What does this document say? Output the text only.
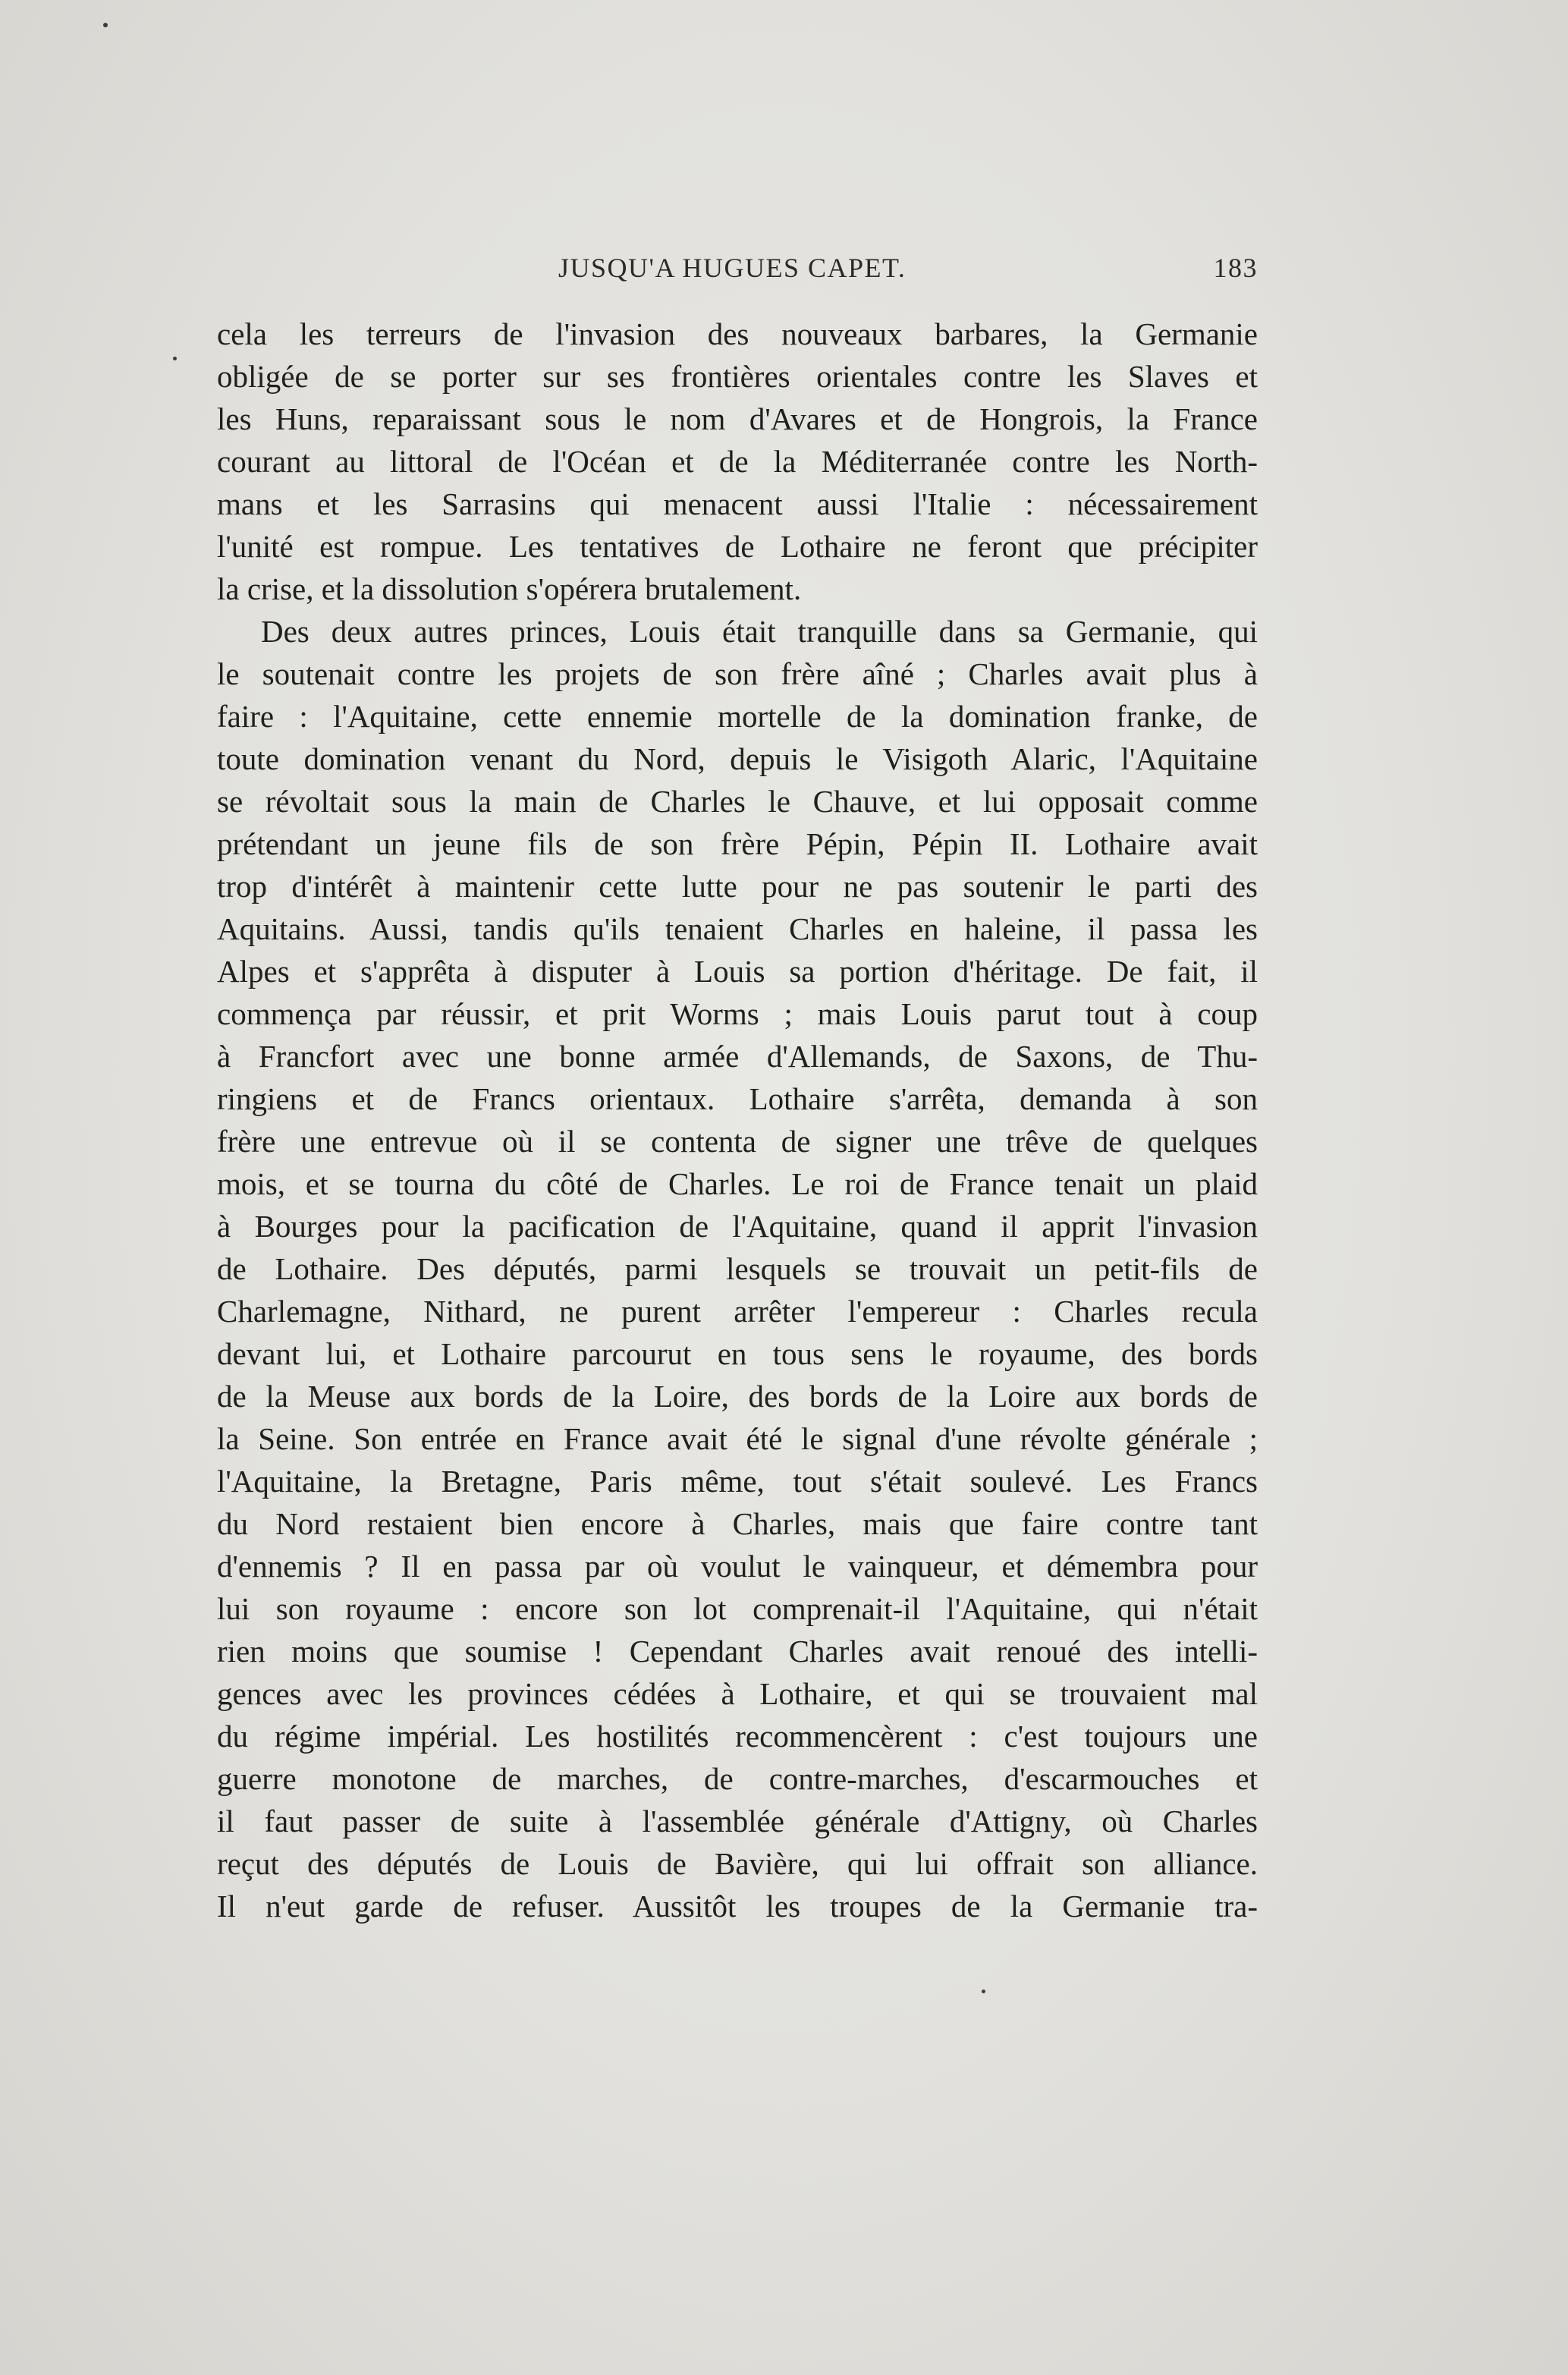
JUSQU'A HUGUES CAPET.	183
cela les terreurs de l'invasion des nouveaux barbares, la Germanie
obligée de se porter sur ses frontières orientales contre les Slaves et
les Huns, reparaissant sous le nom d'Avares et de Hongrois, la France
courant au littoral de l'Océan et de la Méditerranée contre les North-
mans et les Sarrasins qui menacent aussi l'Italie : nécessairement
l'unité est rompue. Les tentatives de Lothaire ne feront que précipiter
la crise, et la dissolution s'opérera brutalement.
Des deux autres princes, Louis était tranquille dans sa Germanie, qui
le soutenait contre les projets de son frère aîné ; Charles avait plus à
faire : l'Aquitaine, cette ennemie mortelle de la domination franke, de
toute domination venant du Nord, depuis le Visigoth Alaric, l'Aquitaine
se révoltait sous la main de Charles le Chauve, et lui opposait comme
prétendant un jeune fils de son frère Pépin, Pépin II. Lothaire avait
trop d'intérêt à maintenir cette lutte pour ne pas soutenir le parti des
Aquitains. Aussi, tandis qu'ils tenaient Charles en haleine, il passa les
Alpes et s'apprêta à disputer à Louis sa portion d'héritage. De fait, il
commença par réussir, et prit Worms ; mais Louis parut tout à coup
à Francfort avec une bonne armée d'Allemands, de Saxons, de Thu-
ringiens et de Francs orientaux. Lothaire s'arrêta, demanda à son
frère une entrevue où il se contenta de signer une trêve de quelques
mois, et se tourna du côté de Charles. Le roi de France tenait un plaid
à Bourges pour la pacification de l'Aquitaine, quand il apprit l'invasion
de Lothaire. Des députés, parmi lesquels se trouvait un petit-fils de
Charlemagne, Nithard, ne purent arrêter l'empereur : Charles recula
devant lui, et Lothaire parcourut en tous sens le royaume, des bords
de la Meuse aux bords de la Loire, des bords de la Loire aux bords de
la Seine. Son entrée en France avait été le signal d'une révolte générale ;
l'Aquitaine, la Bretagne, Paris même, tout s'était soulevé. Les Francs
du Nord restaient bien encore à Charles, mais que faire contre tant
d'ennemis ? Il en passa par où voulut le vainqueur, et démembra pour
lui son royaume : encore son lot comprenait-il l'Aquitaine, qui n'était
rien moins que soumise ! Cependant Charles avait renoué des intelli-
gences avec les provinces cédées à Lothaire, et qui se trouvaient mal
du régime impérial. Les hostilités recommencèrent : c'est toujours une
guerre monotone de marches, de contre-marches, d'escarmouches et
il faut passer de suite à l'assemblée générale d'Attigny, où Charles
reçut des députés de Louis de Bavière, qui lui offrait son alliance.
Il n'eut garde de refuser. Aussitôt les troupes de la Germanie tra-
